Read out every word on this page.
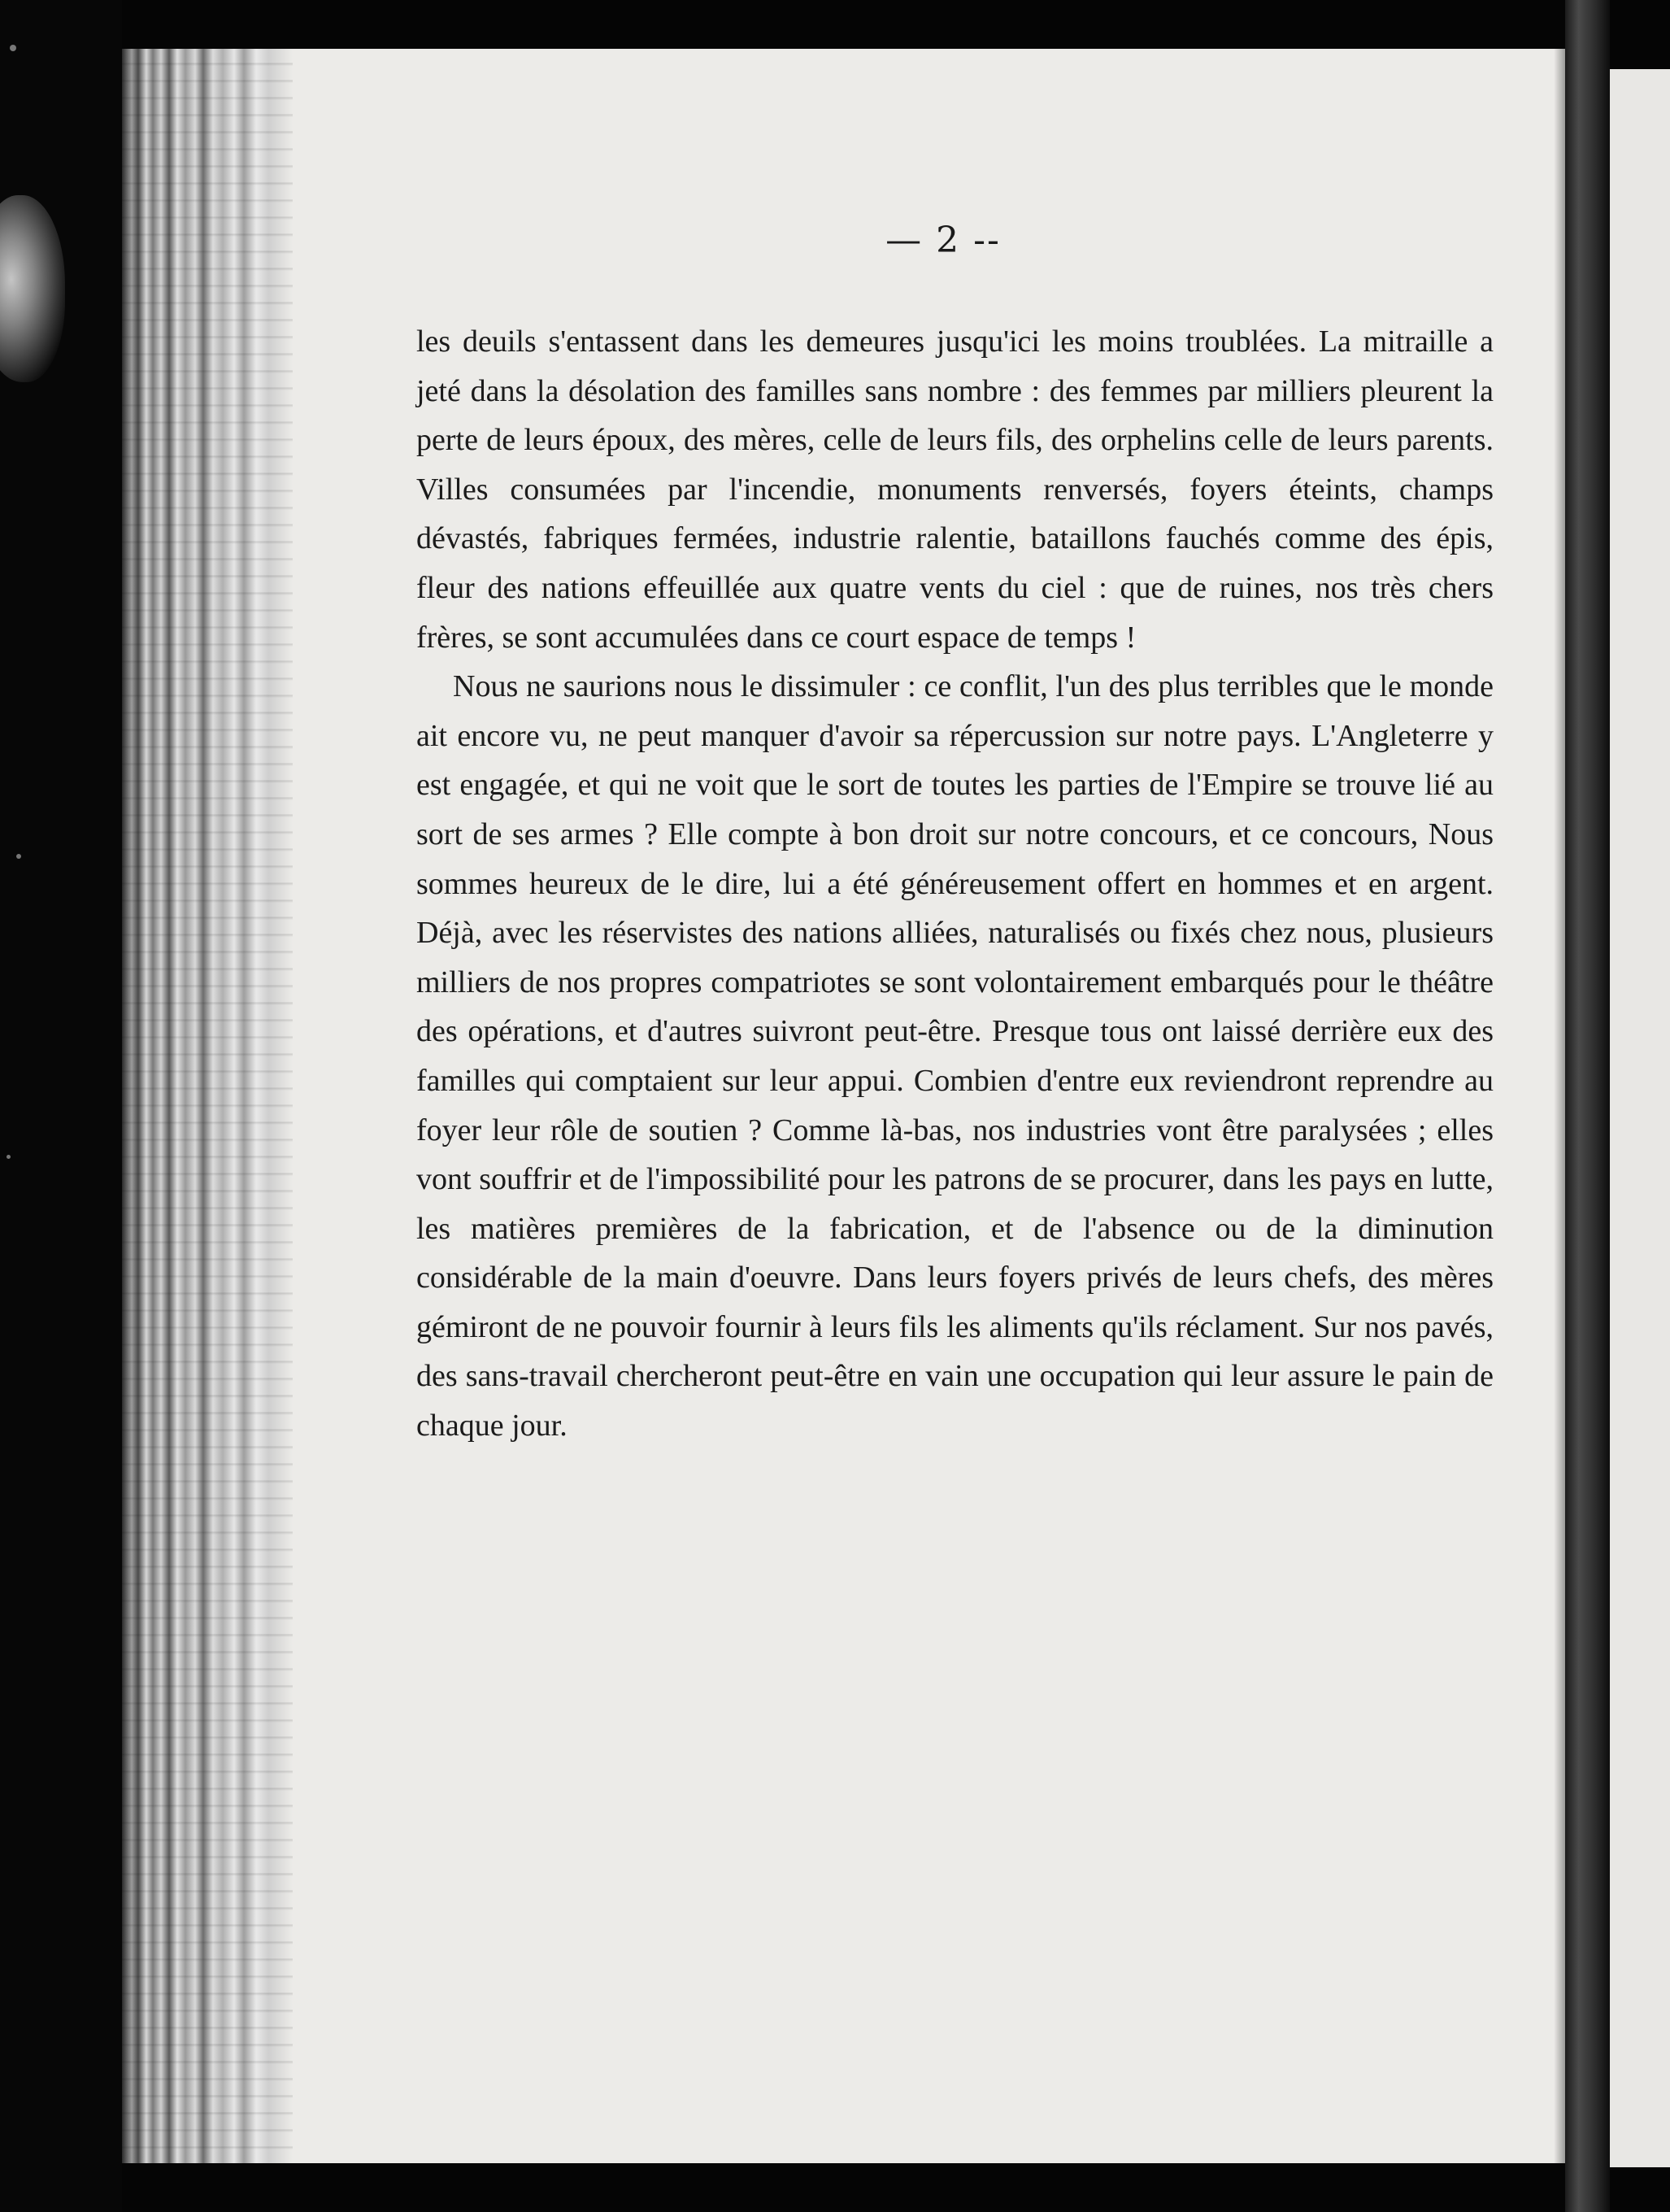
— 2 --

les deuils s'entassent dans les demeures jusqu'ici les moins troublées. La mitraille a jeté dans la désolation des familles sans nombre : des femmes par milliers pleurent la perte de leurs époux, des mères, celle de leurs fils, des orphelins celle de leurs parents. Villes consumées par l'incendie, monuments renversés, foyers éteints, champs dévastés, fabriques fermées, industrie ralentie, bataillons fauchés comme des épis, fleur des nations effeuillée aux quatre vents du ciel : que de ruines, nos très chers frères, se sont accumulées dans ce court espace de temps !

Nous ne saurions nous le dissimuler : ce conflit, l'un des plus terribles que le monde ait encore vu, ne peut manquer d'avoir sa répercussion sur notre pays. L'Angleterre y est engagée, et qui ne voit que le sort de toutes les parties de l'Empire se trouve lié au sort de ses armes ? Elle compte à bon droit sur notre concours, et ce concours, Nous sommes heureux de le dire, lui a été généreusement offert en hommes et en argent. Déjà, avec les réservistes des nations alliées, naturalisés ou fixés chez nous, plusieurs milliers de nos propres compatriotes se sont volontairement embarqués pour le théâtre des opérations, et d'autres suivront peut-être. Presque tous ont laissé derrière eux des familles qui comptaient sur leur appui. Combien d'entre eux reviendront reprendre au foyer leur rôle de soutien ? Comme là-bas, nos industries vont être paralysées ; elles vont souffrir et de l'impossibilité pour les patrons de se procurer, dans les pays en lutte, les matières premières de la fabrication, et de l'absence ou de la diminution considérable de la main d'oeuvre. Dans leurs foyers privés de leurs chefs, des mères gémiront de ne pouvoir fournir à leurs fils les aliments qu'ils réclament. Sur nos pavés, des sans-travail chercheront peut-être en vain une occupation qui leur assure le pain de chaque jour.
